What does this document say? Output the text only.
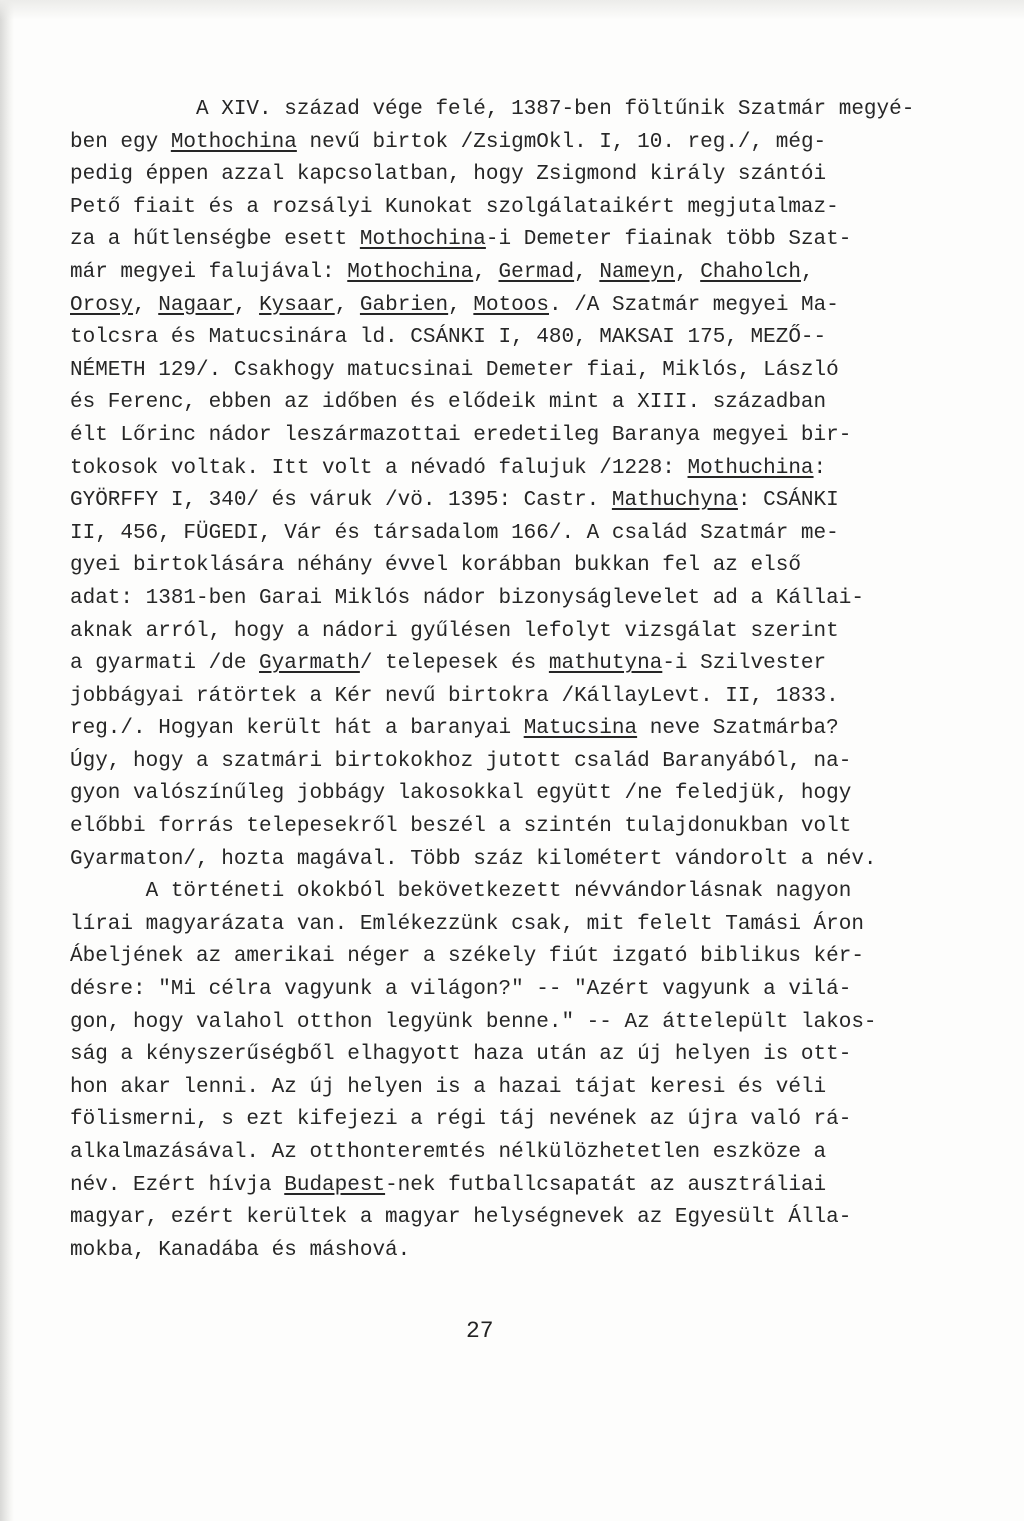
A XIV. század vége felé, 1387-ben föltűnik Szatmár megyé-
ben egy Mothochina nevű birtok /ZsigmOkl. I, 10. reg./, még-
pedig éppen azzal kapcsolatban, hogy Zsigmond király szántói
Pető fiait és a rozsályi Kunokat szolgálataikért megjutalmaz-
za a hűtlenségbe esett Mothochina-i Demeter fiainak több Szat-
már megyei falujával: Mothochina, Germad, Nameyn, Chaholch,
Orosy, Nagaar, Kysaar, Gabrien, Motoos. /A Szatmár megyei Ma-
tolcsra és Matucsinára ld. CSÁNKI I, 480, MAKSAI 175, MEZŐ--
NÉMETH 129/. Csakhogy matucsinai Demeter fiai, Miklós, László
és Ferenc, ebben az időben és elődeik mint a XIII. században
élt Lőrinc nádor leszármazottai eredetileg Baranya megyei bir-
tokosok voltak. Itt volt a névadó falujuk /1228: Mothuchina:
GYÖRFFY I, 340/ és váruk /vö. 1395: Castr. Mathuchyna: CSÁNKI
II, 456, FÜGEDI, Vár és társadalom 166/. A család Szatmár me-
gyei birtoklására néhány évvel korábban bukkan fel az első
adat: 1381-ben Garai Miklós nádor bizonyságlevelet ad a Kállai-
aknak arról, hogy a nádori gyűlésen lefolyt vizsgálat szerint
a gyarmati /de Gyarmath/ telepesek és mathutyna-i Szilvester
jobbágyai rátörtek a Kér nevű birtokra /KállayLevt. II, 1833.
reg./. Hogyan került hát a baranyai Matucsina neve Szatmárba?
Úgy, hogy a szatmári birtokokhoz jutott család Baranyából, na-
gyon valószínűleg jobbágy lakosokkal együtt /ne feledjük, hogy
előbbi forrás telepesekről beszél a szintén tulajdonukban volt
Gyarmaton/, hozta magával. Több száz kilométert vándorolt a név.
A történeti okokból bekövetkezett névvándorlásnak nagyon
lírai magyarázata van. Emlékezzünk csak, mit felelt Tamási Áron
Ábeljének az amerikai néger a székely fiút izgató biblikus kér-
désre: "Mi célra vagyunk a világon?" -- "Azért vagyunk a vilá-
gon, hogy valahol otthon legyünk benne." -- Az áttelepült lakos-
ság a kényszerűségből elhagyott haza után az új helyen is ott-
hon akar lenni. Az új helyen is a hazai tájat keresi és véli
fölismerni, s ezt kifejezi a régi táj nevének az újra való rá-
alkalmazásával. Az otthonteremtés nélkülözhetetlen eszköze a
név. Ezért hívja Budapest-nek futballcsapatát az ausztráliai
magyar, ezért kerültek a magyar helységnevek az Egyesült Álla-
mokba, Kanadába és máshová.
27
